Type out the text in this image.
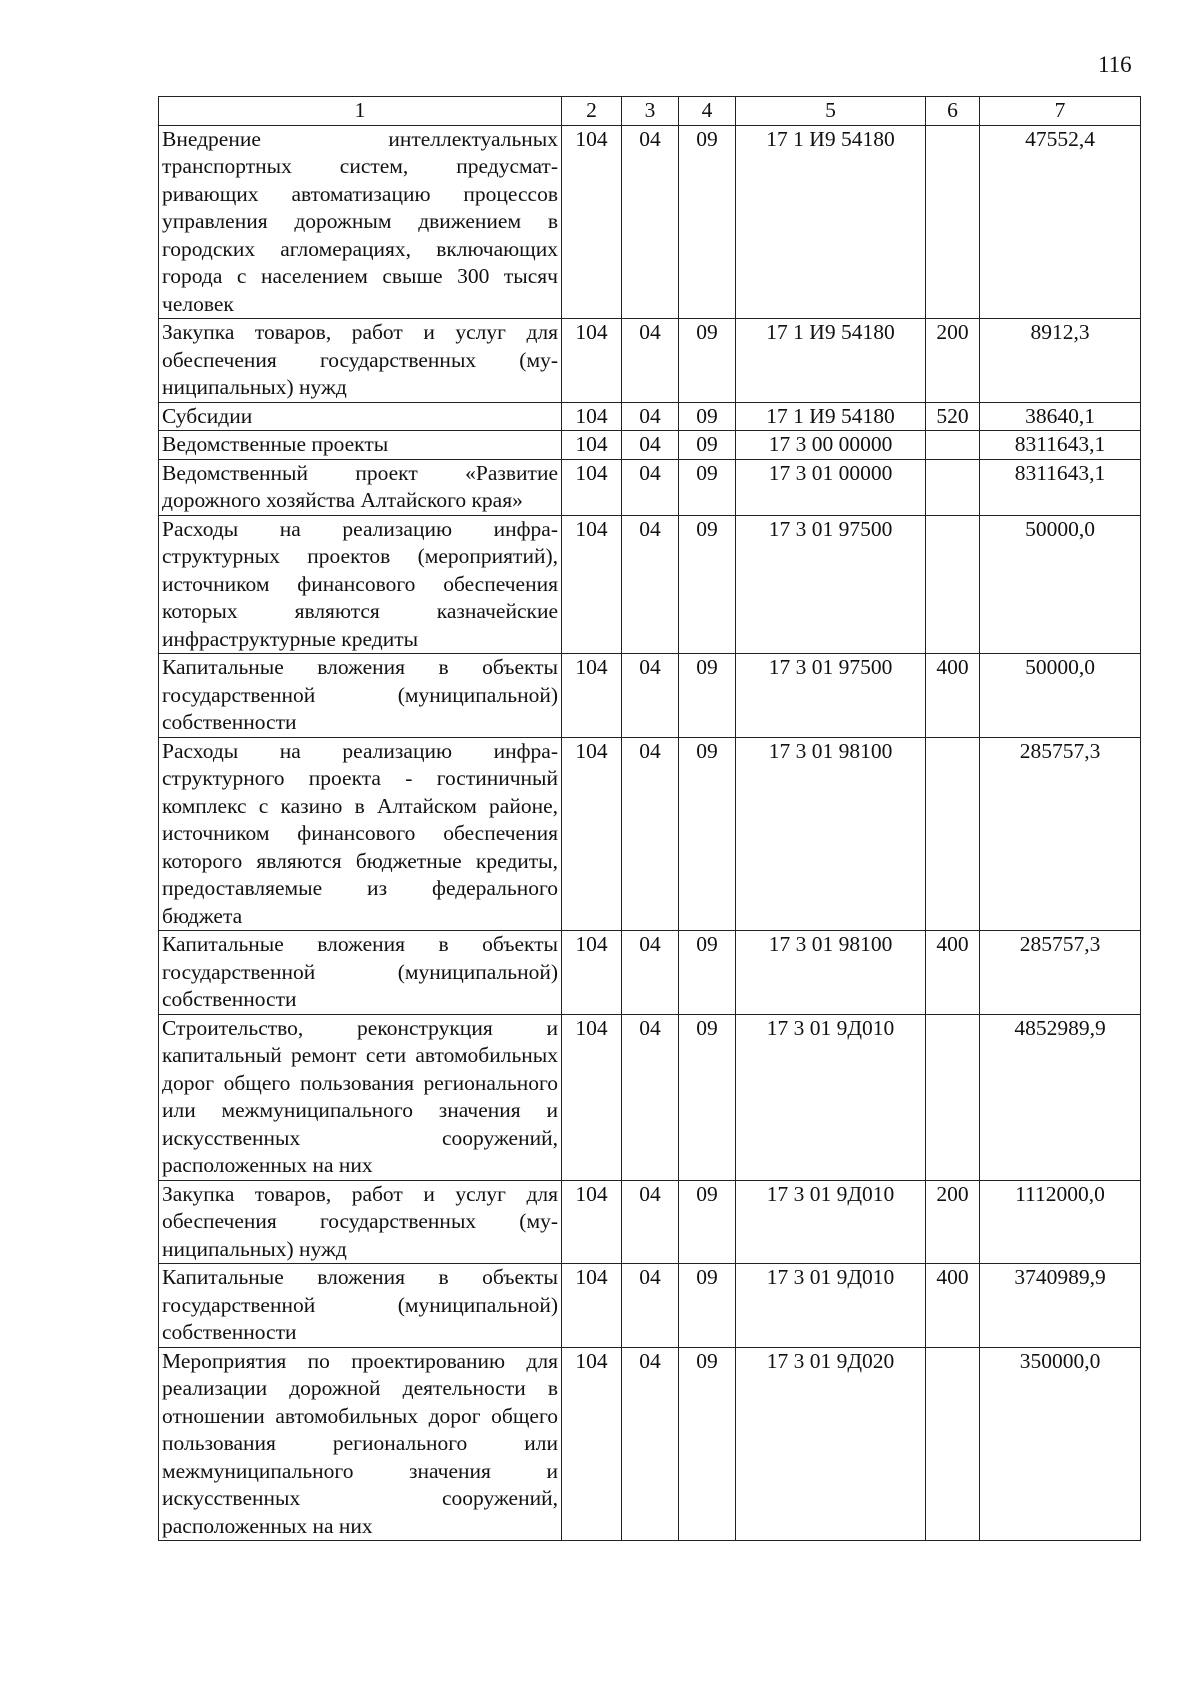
116
1	2	3	4	5	6	7
Внедрение интеллектуальных транспортных систем, предусматривающих автоматизацию процессов управления дорожным движением в городских агломерациях, включающих города с населением свыше 300 тысяч человек	104	04	09	17 1 И9 54180		47552,4
Закупка товаров, работ и услуг для обеспечения государственных (муниципальных) нужд	104	04	09	17 1 И9 54180	200	8912,3
Субсидии	104	04	09	17 1 И9 54180	520	38640,1
Ведомственные проекты	104	04	09	17 3 00 00000		8311643,1
Ведомственный проект «Развитие дорожного хозяйства Алтайского края»	104	04	09	17 3 01 00000		8311643,1
Расходы на реализацию инфраструктурных проектов (мероприятий), источником финансового обеспечения которых являются казначейские инфраструктурные кредиты	104	04	09	17 3 01 97500		50000,0
Капитальные вложения в объекты государственной (муниципальной) собственности	104	04	09	17 3 01 97500	400	50000,0
Расходы на реализацию инфраструктурного проекта - гостиничный комплекс с казино в Алтайском районе, источником финансового обеспечения которого являются бюджетные кредиты, предоставляемые из федерального бюджета	104	04	09	17 3 01 98100		285757,3
Капитальные вложения в объекты государственной (муниципальной) собственности	104	04	09	17 3 01 98100	400	285757,3
Строительство, реконструкция и капитальный ремонт сети автомобильных дорог общего пользования регионального или межмуниципального значения и искусственных сооружений, расположенных на них	104	04	09	17 3 01 9Д010		4852989,9
Закупка товаров, работ и услуг для обеспечения государственных (муниципальных) нужд	104	04	09	17 3 01 9Д010	200	1112000,0
Капитальные вложения в объекты государственной (муниципальной) собственности	104	04	09	17 3 01 9Д010	400	3740989,9
Мероприятия по проектированию для реализации дорожной деятельности в отношении автомобильных дорог общего пользования регионального или межмуниципального значения и искусственных сооружений, расположенных на них	104	04	09	17 3 01 9Д020		350000,0
